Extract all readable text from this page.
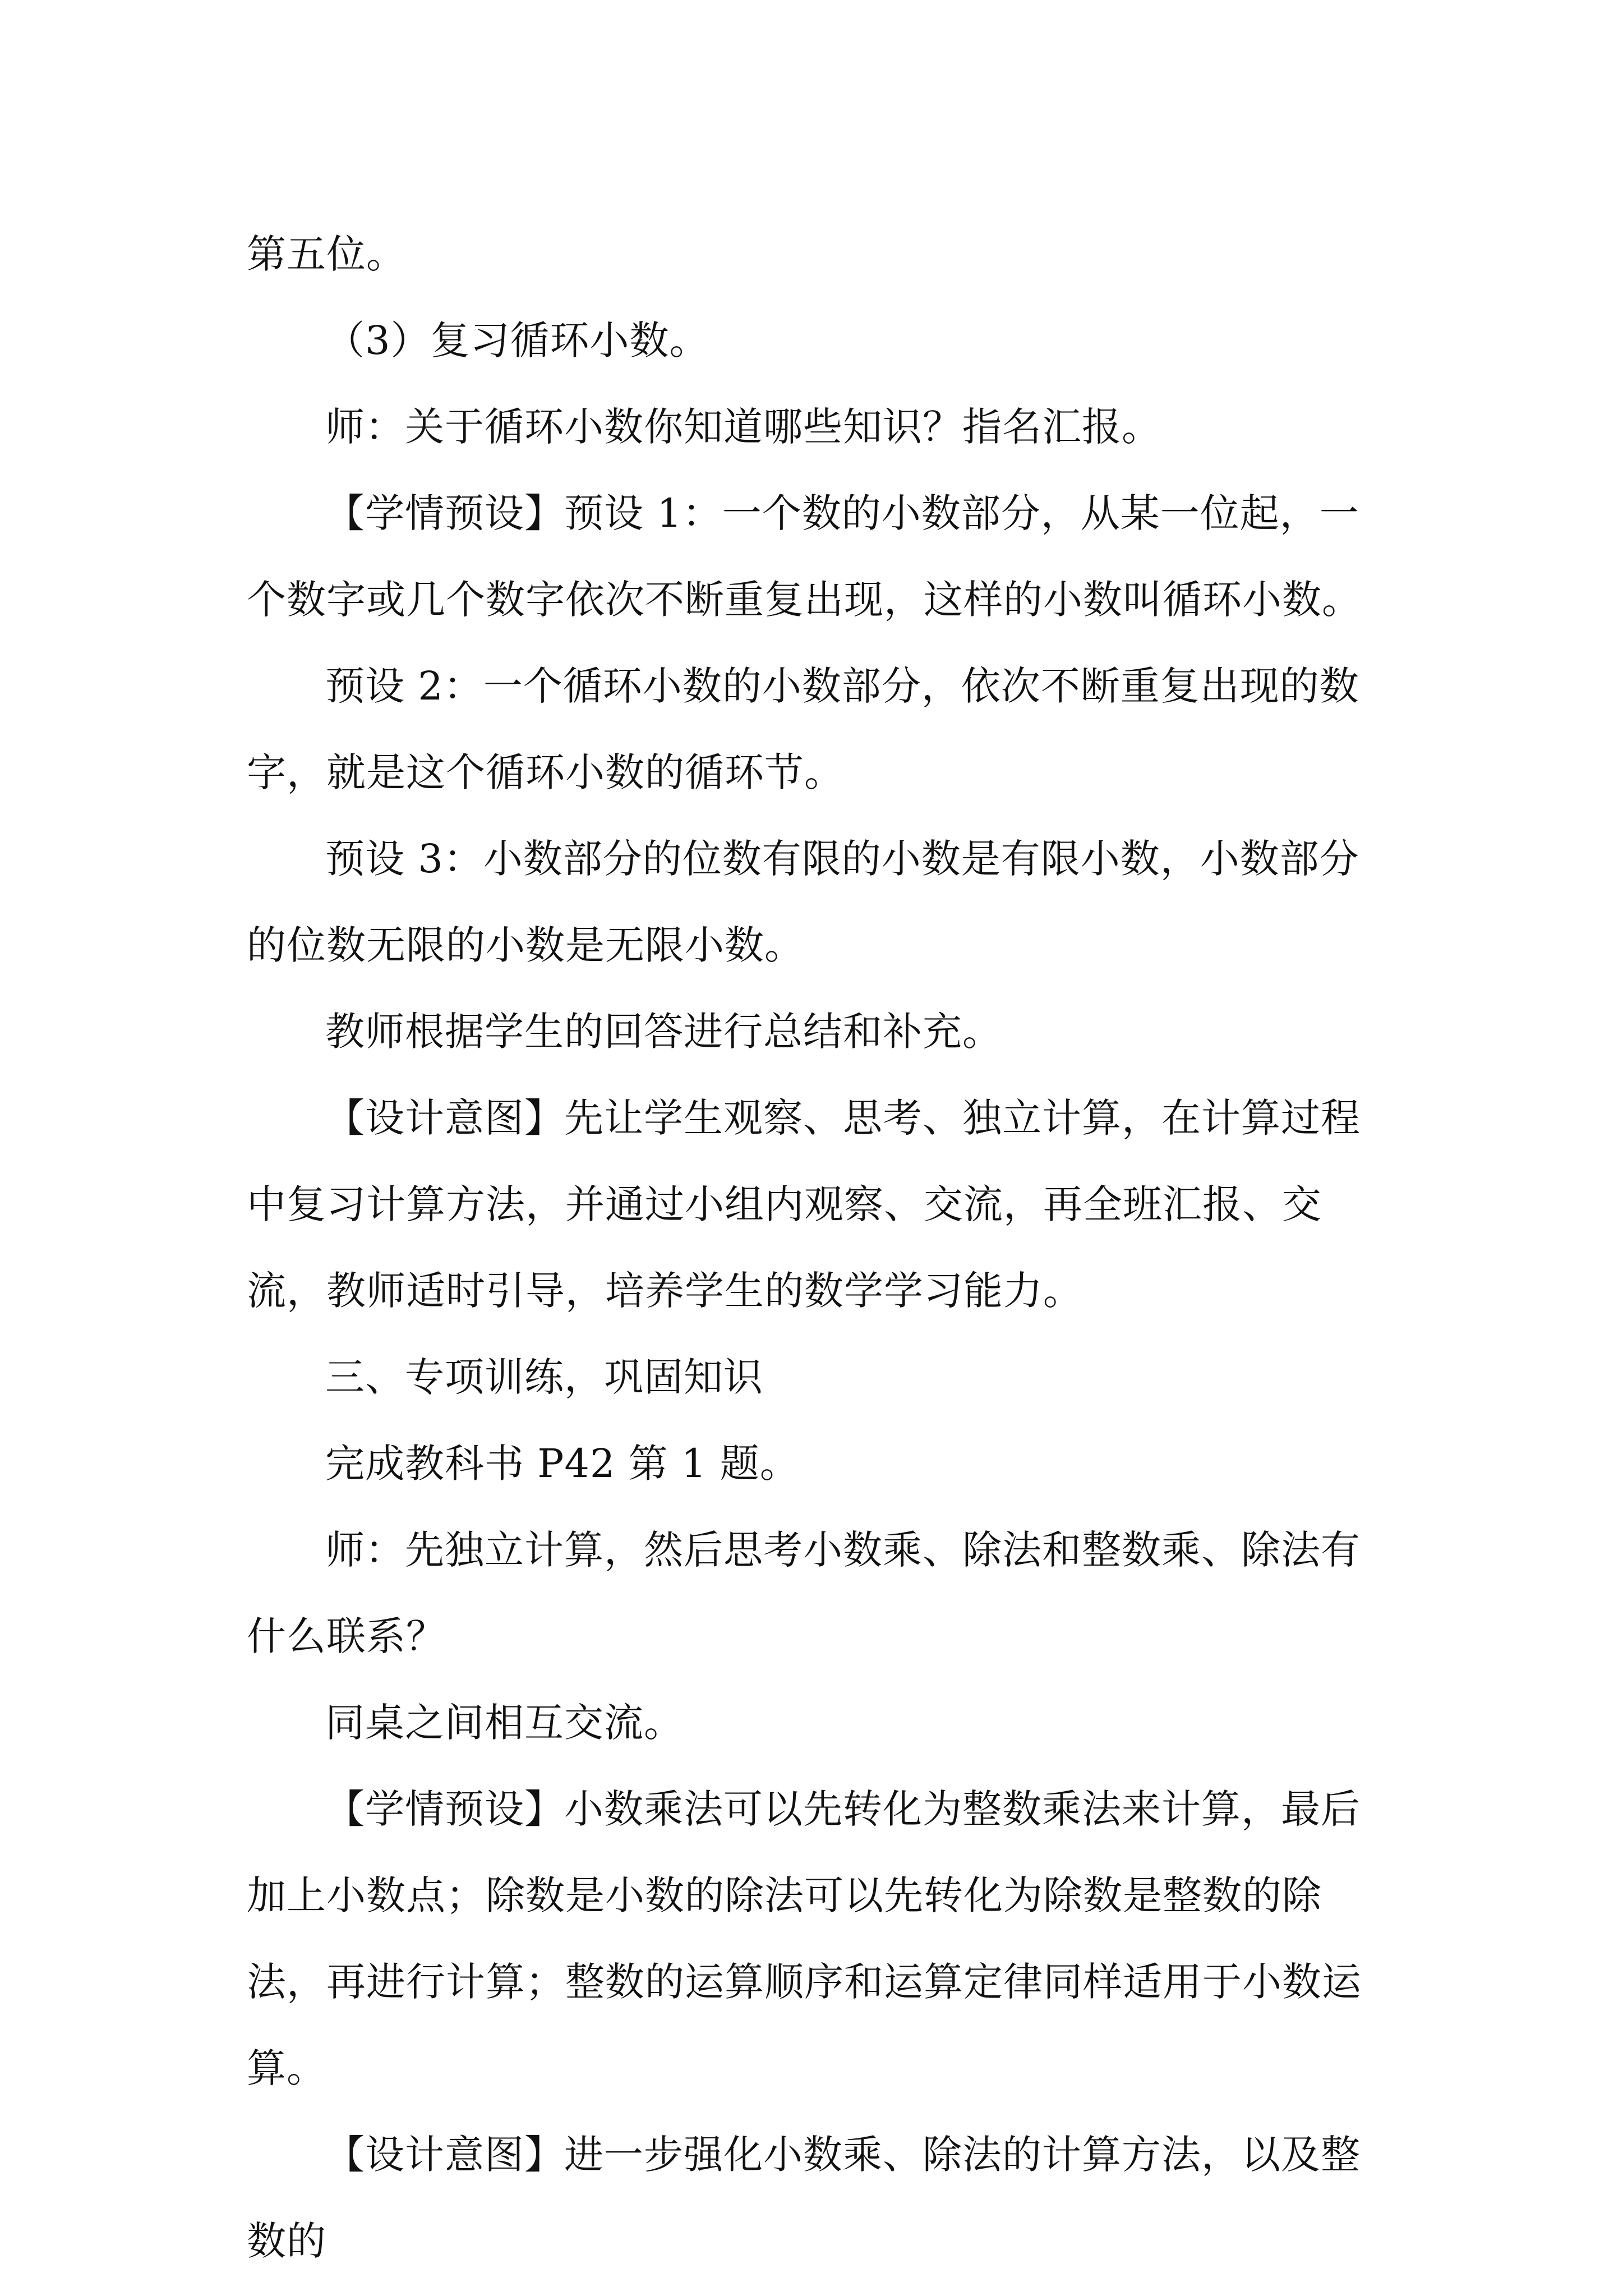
第五位。

（3）复习循环小数。

师：关于循环小数你知道哪些知识？指名汇报。

【学情预设】预设 1：一个数的小数部分，从某一位起，一个数字或几个数字依次不断重复出现，这样的小数叫循环小数。

预设 2：一个循环小数的小数部分，依次不断重复出现的数字，就是这个循环小数的循环节。

预设 3：小数部分的位数有限的小数是有限小数，小数部分的位数无限的小数是无限小数。

教师根据学生的回答进行总结和补充。

【设计意图】先让学生观察、思考、独立计算，在计算过程中复习计算方法，并通过小组内观察、交流，再全班汇报、交流，教师适时引导，培养学生的数学学习能力。

三、专项训练，巩固知识

完成教科书 P42 第 1 题。

师：先独立计算，然后思考小数乘、除法和整数乘、除法有什么联系？

同桌之间相互交流。

【学情预设】小数乘法可以先转化为整数乘法来计算，最后加上小数点；除数是小数的除法可以先转化为除数是整数的除法，再进行计算；整数的运算顺序和运算定律同样适用于小数运算。

【设计意图】进一步强化小数乘、除法的计算方法，以及整数的
